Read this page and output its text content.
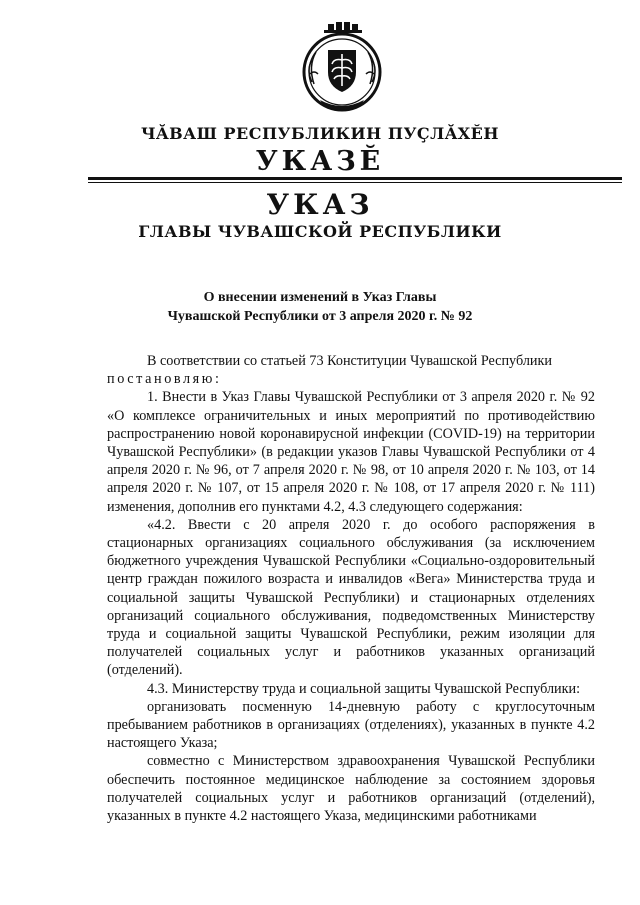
ЧĂВАШ РЕСПУБЛИКИН ПУÇЛĂХĔН
УКАЗĔ
УКАЗ
ГЛАВЫ ЧУВАШСКОЙ РЕСПУБЛИКИ
О внесении изменений в Указ Главы
Чувашской Республики от 3 апреля 2020 г. № 92

В соответствии со статьей 73 Конституции Чувашской Республики

постановляю:

1. Внести в Указ Главы Чувашской Республики от 3 апреля 2020 г. № 92 «О комплексе ограничительных и иных мероприятий по противодействию распространению новой коронавирусной инфекции (COVID-19) на территории Чувашской Республики» (в редакции указов Главы Чувашской Республики от 4 апреля 2020 г. № 96, от 7 апреля 2020 г. № 98, от 10 апреля 2020 г. № 103, от 14 апреля 2020 г. № 107, от 15 апреля 2020 г. № 108, от 17 апреля 2020 г. № 111) изменения, дополнив его пунктами 4.2, 4.3 следующего содержания:

«4.2. Ввести с 20 апреля 2020 г. до особого распоряжения в стационарных организациях социального обслуживания (за исключением бюджетного учреждения Чувашской Республики «Социально-оздоровительный центр граждан пожилого возраста и инвалидов «Вега» Министерства труда и социальной защиты Чувашской Республики) и стационарных отделениях организаций социального обслуживания, подведомственных Министерству труда и социальной защиты Чувашской Республики, режим изоляции для получателей социальных услуг и работников указанных организаций (отделений).

4.3. Министерству труда и социальной защиты Чувашской Республики:

организовать посменную 14-дневную работу с круглосуточным пребыванием работников в организациях (отделениях), указанных в пункте 4.2 настоящего Указа;

совместно с Министерством здравоохранения Чувашской Республики обеспечить постоянное медицинское наблюдение за состоянием здоровья получателей социальных услуг и работников организаций (отделений), указанных в пункте 4.2 настоящего Указа, медицинскими работниками
